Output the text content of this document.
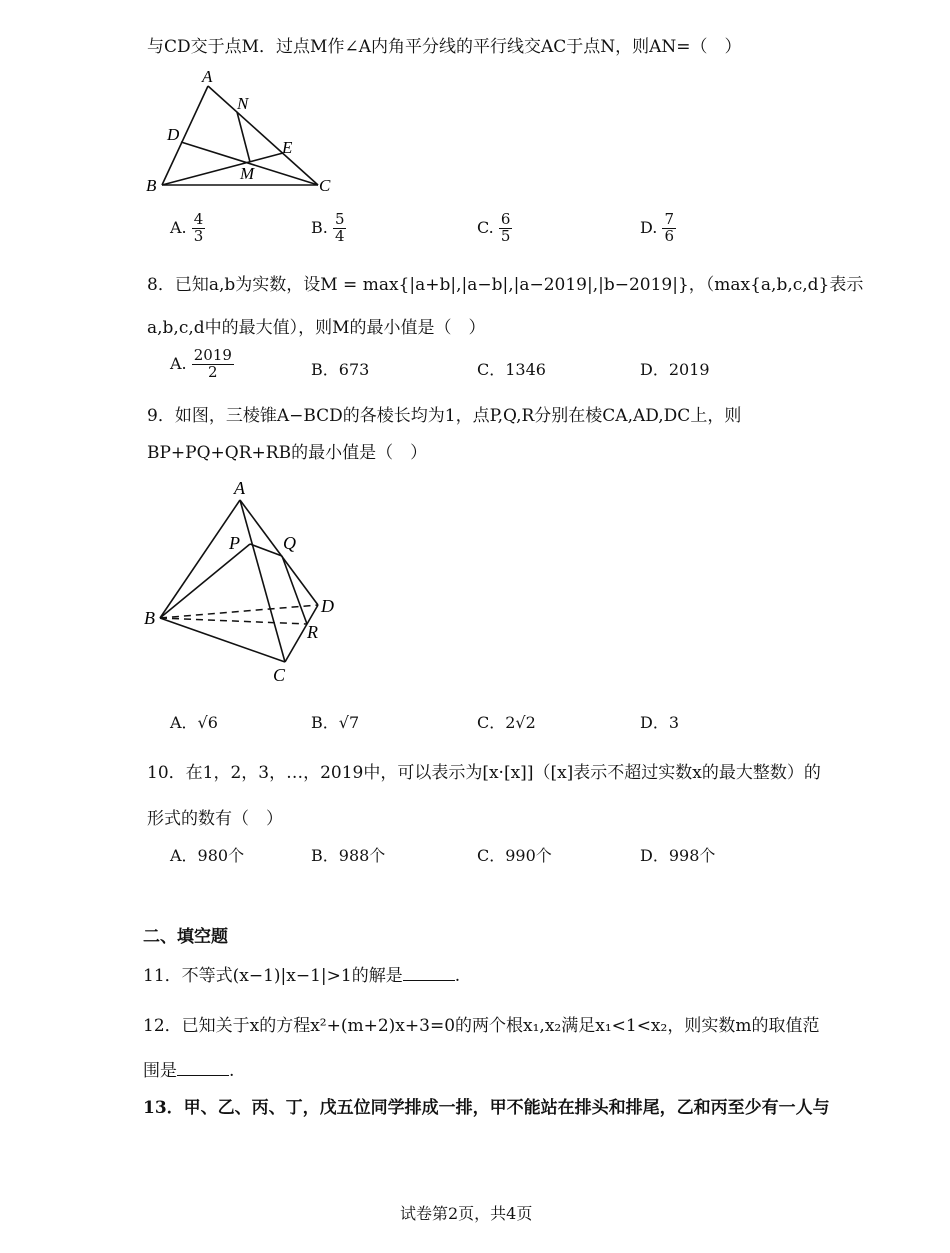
与CD交于点M．过点M作∠A内角平分线的平行线交AC于点N，则AN=（　）
A
N
D
E
M
B	C
A. $\frac{4}{3}$	B. $\frac{5}{4}$	C. $\frac{6}{5}$	D. $\frac{7}{6}$
8．已知a,b为实数，设M = max{|a+b|,|a−b|,|a−2019|,|b−2019|}，（max{a,b,c,d}表示
a,b,c,d中的最大值），则M的最小值是（　）
A. $\frac{2019}{2}$	B．673	C．1346	D．2019
9．如图，三棱锥A−BCD的各棱长均为1，点P,Q,R分别在棱CA,AD,DC上，则
BP+PQ+QR+RB的最小值是（　）
A
P Q
B
D
R
C
A．√6	B．√7	C．2√2	D．3
10．在1，2，3，…，2019中，可以表示为[x·[x]]（[x]表示不超过实数x的最大整数）的
形式的数有（　）
A．980个	B．988个	C．990个	D．998个
二、填空题
11．不等式(x−1)|x−1|>1的解是	.
12．已知关于x的方程x²+(m+2)x+3=0的两个根x₁,x₂满足x₁<1<x₂，则实数m的取值范
围是	.
13．甲、乙、丙、丁，戊五位同学排成一排，甲不能站在排头和排尾，乙和丙至少有一人与
试卷第2页，共4页
